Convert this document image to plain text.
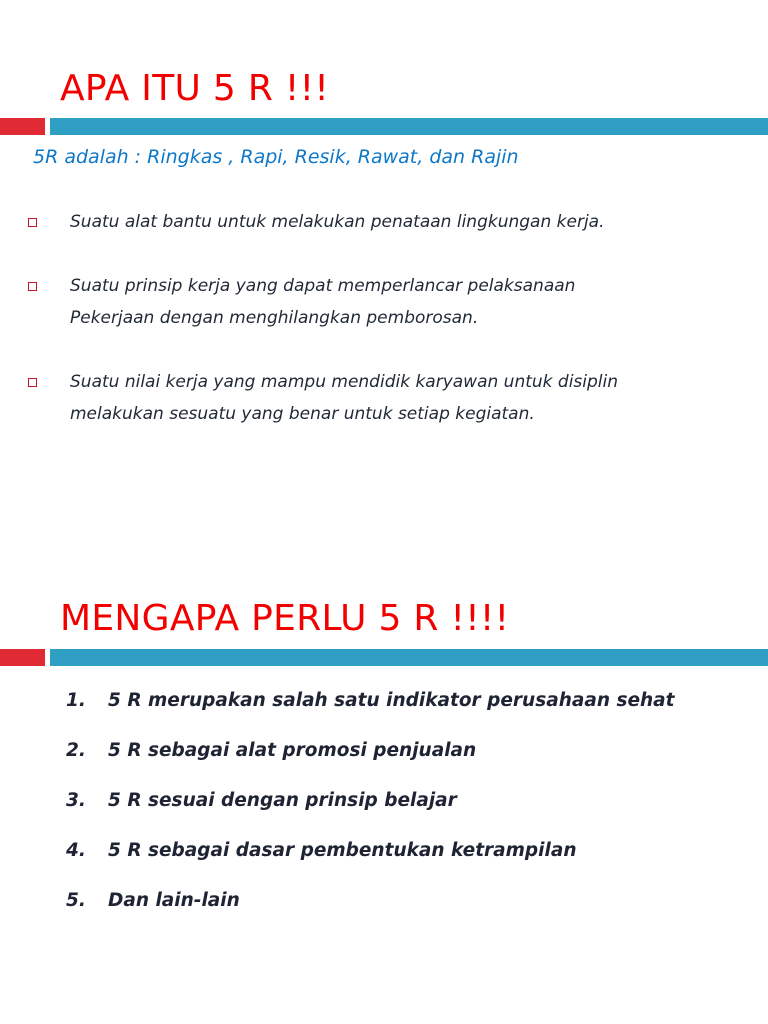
APA ITU 5 R !!!

5R adalah : Ringkas , Rapi, Resik, Rawat, dan Rajin

Suatu alat bantu untuk melakukan penataan lingkungan kerja.
Suatu prinsip kerja yang dapat memperlancar pelaksanaan
Pekerjaan dengan menghilangkan pemborosan.
Suatu nilai kerja yang mampu mendidik karyawan untuk disiplin
melakukan sesuatu yang benar untuk setiap kegiatan.
MENGAPA PERLU 5 R !!!!
1.	5 R merupakan salah satu indikator perusahaan sehat
2.	5 R sebagai alat promosi penjualan
3.	5 R sesuai dengan prinsip belajar
4.	5 R sebagai dasar pembentukan ketrampilan
5.	Dan lain-lain
